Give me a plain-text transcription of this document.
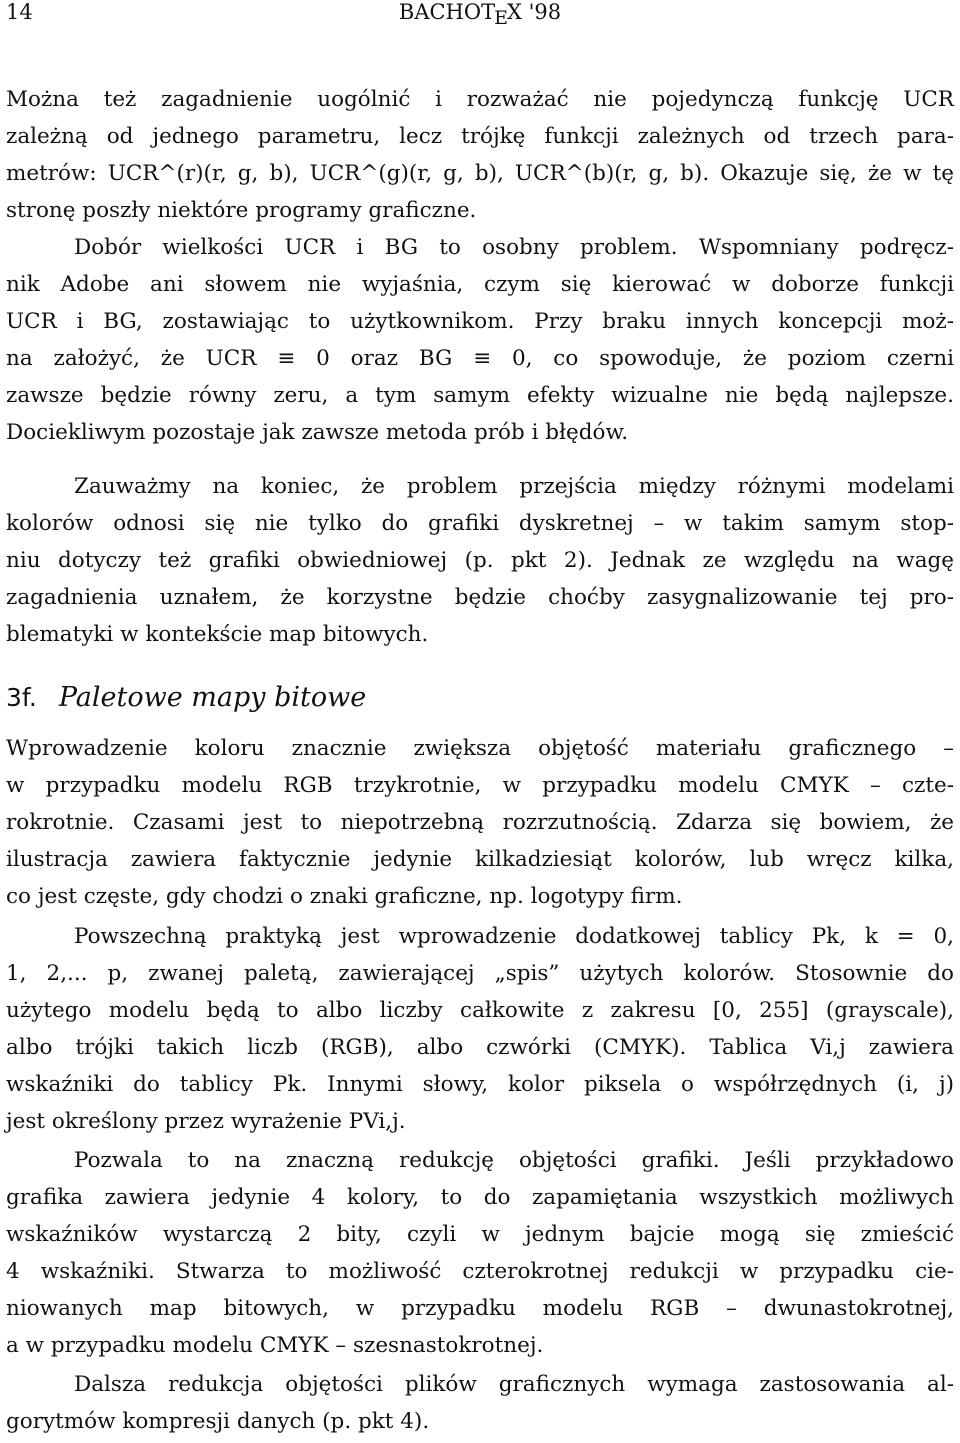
14	BACHOTEX '98
3f. Paletowe mapy bitowe
Można też zagadnienie uogólnić i rozważać nie pojedynczą funkcję UCR
zależną od jednego parametru, lecz trójkę funkcji zależnych od trzech para-
metrów: UCR^(r)(r, g, b), UCR^(g)(r, g, b), UCR^(b)(r, g, b). Okazuje się, że w tę
stronę poszły niektóre programy graficzne.
Dobór wielkości UCR i BG to osobny problem. Wspomniany podręcz-
nik Adobe ani słowem nie wyjaśnia, czym się kierować w doborze funkcji
UCR i BG, zostawiając to użytkownikom. Przy braku innych koncepcji moż-
na założyć, że UCR ≡ 0 oraz BG ≡ 0, co spowoduje, że poziom czerni
zawsze będzie równy zeru, a tym samym efekty wizualne nie będą najlepsze.
Dociekliwym pozostaje jak zawsze metoda prób i błędów.
Zauważmy na koniec, że problem przejścia między różnymi modelami
kolorów odnosi się nie tylko do grafiki dyskretnej – w takim samym stop-
niu dotyczy też grafiki obwiedniowej (p. pkt 2). Jednak ze względu na wagę
zagadnienia uznałem, że korzystne będzie choćby zasygnalizowanie tej pro-
blematyki w kontekście map bitowych.
Wprowadzenie koloru znacznie zwiększa objętość materiału graficznego –
w przypadku modelu RGB trzykrotnie, w przypadku modelu CMYK – czte-
rokrotnie. Czasami jest to niepotrzebną rozrzutnością. Zdarza się bowiem, że
ilustracja zawiera faktycznie jedynie kilkadziesiąt kolorów, lub wręcz kilka,
co jest częste, gdy chodzi o znaki graficzne, np. logotypy firm.
Powszechną praktyką jest wprowadzenie dodatkowej tablicy Pk, k = 0,
1, 2,... p, zwanej paletą, zawierającej „spis” użytych kolorów. Stosownie do
użytego modelu będą to albo liczby całkowite z zakresu [0, 255] (grayscale),
albo trójki takich liczb (RGB), albo czwórki (CMYK). Tablica Vi,j zawiera
wskaźniki do tablicy Pk. Innymi słowy, kolor piksela o współrzędnych (i, j)
jest określony przez wyrażenie PVi,j.
Pozwala to na znaczną redukcję objętości grafiki. Jeśli przykładowo
grafika zawiera jedynie 4 kolory, to do zapamiętania wszystkich możliwych
wskaźników wystarczą 2 bity, czyli w jednym bajcie mogą się zmieścić
4 wskaźniki. Stwarza to możliwość czterokrotnej redukcji w przypadku cie-
niowanych map bitowych, w przypadku modelu RGB – dwunastokrotnej,
a w przypadku modelu CMYK – szesnastokrotnej.
Dalsza redukcja objętości plików graficznych wymaga zastosowania al-
gorytmów kompresji danych (p. pkt 4).
